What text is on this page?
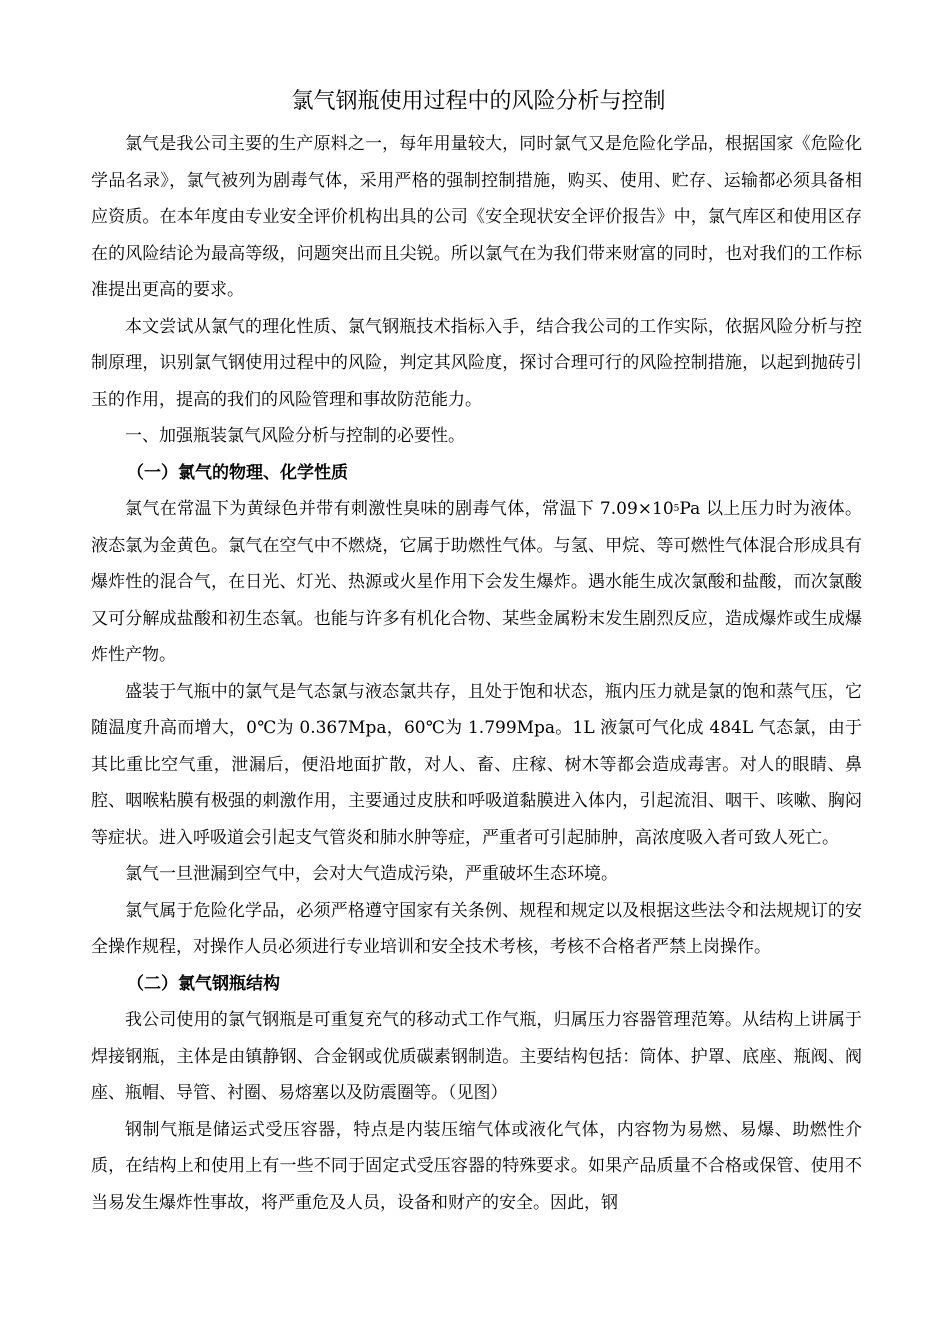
氯气钢瓶使用过程中的风险分析与控制

氯气是我公司主要的生产原料之一，每年用量较大，同时氯气又是危险化学品，根据国家《危险化学品名录》，氯气被列为剧毒气体，采用严格的强制控制措施，购买、使用、贮存、运输都必须具备相应资质。在本年度由专业安全评价机构出具的公司《安全现状安全评价报告》中，氯气库区和使用区存在的风险结论为最高等级，问题突出而且尖锐。所以氯气在为我们带来财富的同时，也对我们的工作标准提出更高的要求。

本文尝试从氯气的理化性质、氯气钢瓶技术指标入手，结合我公司的工作实际，依据风险分析与控制原理，识别氯气钢使用过程中的风险，判定其风险度，探讨合理可行的风险控制措施，以起到抛砖引玉的作用，提高的我们的风险管理和事故防范能力。

一、加强瓶装氯气风险分析与控制的必要性。

（一）氯气的物理、化学性质

氯气在常温下为黄绿色并带有刺激性臭味的剧毒气体，常温下 $7.09\times 10^5Pa$ 以上压力时为液体。液态氯为金黄色。氯气在空气中不燃烧，它属于助燃性气体。与氢、甲烷、等可燃性气体混合形成具有爆炸性的混合气，在日光、灯光、热源或火星作用下会发生爆炸。遇水能生成次氯酸和盐酸，而次氯酸又可分解成盐酸和初生态氧。也能与许多有机化合物、某些金属粉末发生剧烈反应，造成爆炸或生成爆炸性产物。

盛装于气瓶中的氯气是气态氯与液态氯共存，且处于饱和状态，瓶内压力就是氯的饱和蒸气压，它随温度升高而增大，0℃为 0.367Mpa，60℃为 1.799Mpa。1L 液氯可气化成 484L 气态氯，由于其比重比空气重，泄漏后，便沿地面扩散，对人、畜、庄稼、树木等都会造成毒害。对人的眼睛、鼻腔、咽喉粘膜有极强的刺激作用，主要通过皮肤和呼吸道黏膜进入体内，引起流泪、咽干、咳嗽、胸闷等症状。进入呼吸道会引起支气管炎和肺水肿等症，严重者可引起肺肿，高浓度吸入者可致人死亡。

氯气一旦泄漏到空气中，会对大气造成污染，严重破坏生态环境。

氯气属于危险化学品，必须严格遵守国家有关条例、规程和规定以及根据这些法令和法规规订的安全操作规程，对操作人员必须进行专业培训和安全技术考核，考核不合格者严禁上岗操作。

（二）氯气钢瓶结构

我公司使用的氯气钢瓶是可重复充气的移动式工作气瓶，归属压力容器管理范筹。从结构上讲属于焊接钢瓶，主体是由镇静钢、合金钢或优质碳素钢制造。主要结构包括：筒体、护罩、底座、瓶阀、阀座、瓶帽、导管、衬圈、易熔塞以及防震圈等。（见图）

钢制气瓶是储运式受压容器，特点是内装压缩气体或液化气体，内容物为易燃、易爆、助燃性介质，在结构上和使用上有一些不同于固定式受压容器的特殊要求。如果产品质量不合格或保管、使用不当易发生爆炸性事故，将严重危及人员，设备和财产的安全。因此，钢
